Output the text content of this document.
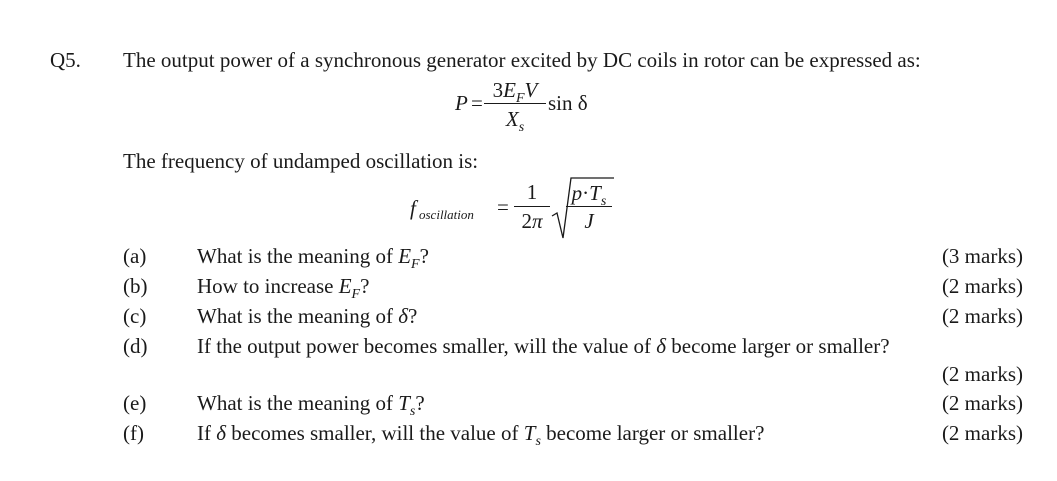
Q5. The output power of a synchronous generator excited by DC coils in rotor can be expressed as:
P =
$3E_FV$
$X_s$
sin δ
The frequency of undamped oscillation is:
f oscillation =
1
2π
$p\cdot T_s$
J
(a) What is the meaning of $E_F$?	(3 marks)
(b) How to increase $E_F$?	(2 marks)
(c) What is the meaning of δ?	(2 marks)
(d) If the output power becomes smaller, will the value of δ become larger or smaller?
(2 marks)
(e) What is the meaning of $T_s$?	(2 marks)
(f)	If δ becomes smaller, will the value of $T_s$ become larger or smaller?	(2 marks)
